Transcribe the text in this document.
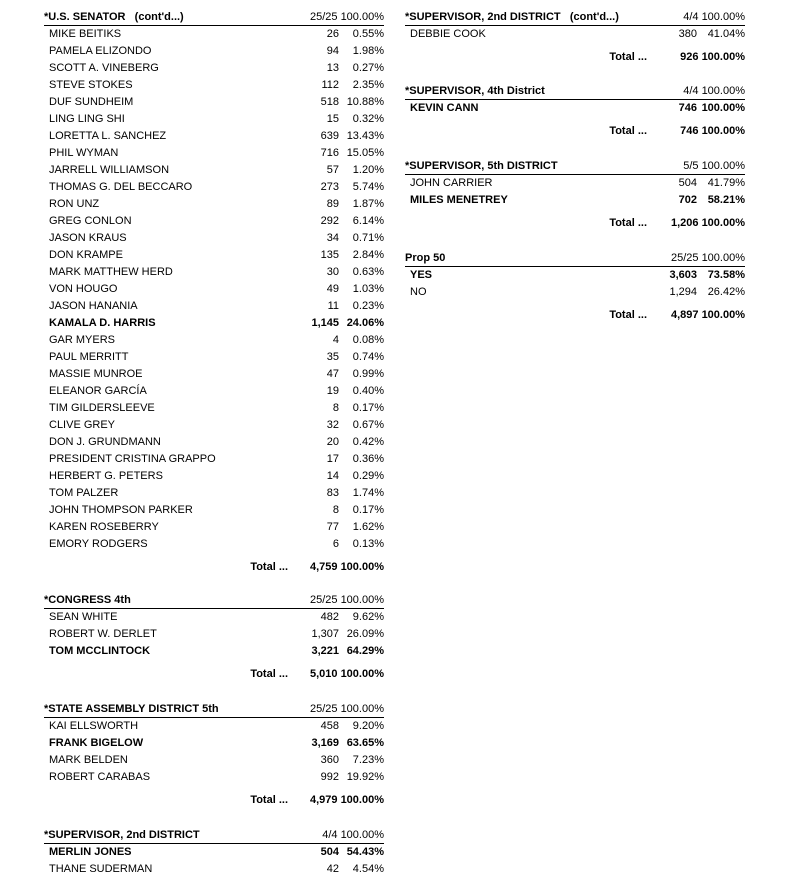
*U.S. SENATOR   (cont'd...)	25/25 100.00%
MIKE BEITIKS	26	0.55%
PAMELA ELIZONDO	94	1.98%
SCOTT A. VINEBERG	13	0.27%
STEVE STOKES	112	2.35%
DUF SUNDHEIM	518 10.88%
LING LING SHI	15	0.32%
LORETTA L. SANCHEZ	639 13.43%
PHIL WYMAN	716 15.05%
JARRELL WILLIAMSON	57	1.20%
THOMAS G. DEL BECCARO	273	5.74%
RON UNZ	89	1.87%
GREG CONLON	292	6.14%
JASON KRAUS	34	0.71%
DON KRAMPE	135	2.84%
MARK MATTHEW HERD	30	0.63%
VON HOUGO	49	1.03%
JASON HANANIA	11	0.23%
KAMALA D. HARRIS	1,145 24.06%
GAR MYERS	4	0.08%
PAUL MERRITT	35	0.74%
MASSIE MUNROE	47	0.99%
ELEANOR GARCÍA	19	0.40%
TIM GILDERSLEEVE	8	0.17%
CLIVE GREY	32	0.67%
DON J. GRUNDMANN	20	0.42%
PRESIDENT CRISTINA GRAPPO	17	0.36%
HERBERT G. PETERS	14	0.29%
TOM PALZER	83	1.74%
JOHN THOMPSON PARKER	8	0.17%
KAREN ROSEBERRY	77	1.62%
EMORY RODGERS	6	0.13%
Total ... 4,759 100.00%
*CONGRESS 4th	25/25 100.00%
SEAN WHITE	482	9.62%
ROBERT W. DERLET	1,307 26.09%
TOM MCCLINTOCK	3,221 64.29%
Total ... 5,010 100.00%
*STATE ASSEMBLY DISTRICT 5th	25/25 100.00%
KAI ELLSWORTH	458	9.20%
FRANK BIGELOW	3,169 63.65%
MARK BELDEN	360	7.23%
ROBERT CARABAS	992 19.92%
Total ... 4,979 100.00%
*SUPERVISOR, 2nd DISTRICT	4/4 100.00%
MERLIN JONES	504 54.43%
THANE SUDERMAN	42	4.54%
*SUPERVISOR, 2nd DISTRICT   (cont'd...)	4/4 100.00%
DEBBIE COOK	380 41.04%
Total ...	926 100.00%
*SUPERVISOR, 4th District	4/4 100.00%
KEVIN CANN	746 100.00%
Total ...	746 100.00%
*SUPERVISOR, 5th DISTRICT	5/5 100.00%
JOHN CARRIER	504 41.79%
MILES MENETREY	702 58.21%
Total ... 1,206 100.00%
Prop 50	25/25 100.00%
YES	3,603 73.58%
NO	1,294 26.42%
Total ... 4,897 100.00%
